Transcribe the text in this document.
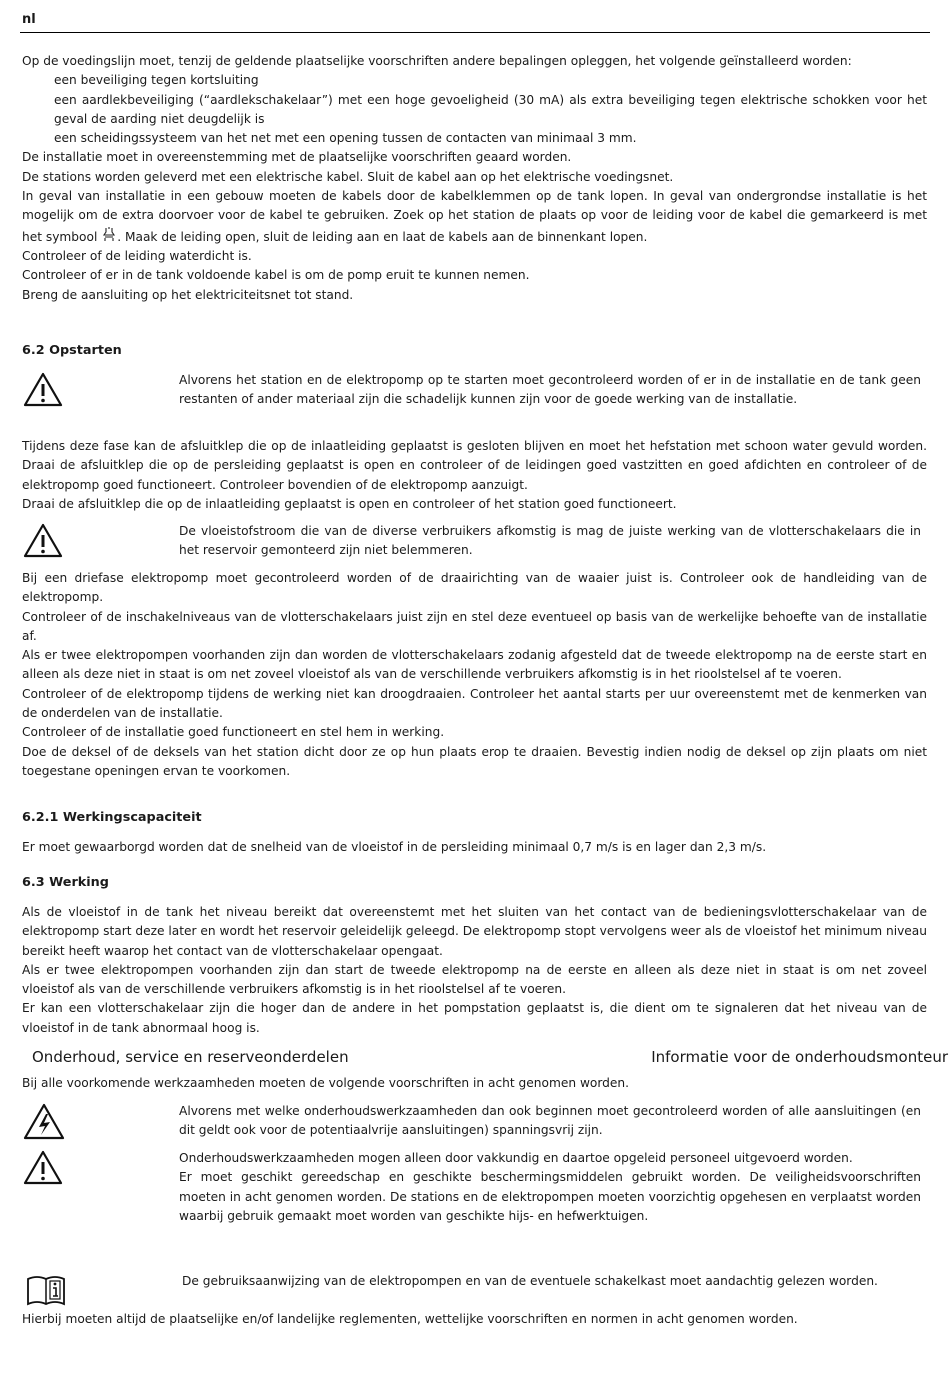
nl

Op de voedingslijn moet, tenzij de geldende plaatselijke voorschriften andere bepalingen opleggen, het volgende geïnstalleerd worden:

een beveiliging tegen kortsluiting

een aardlekbeveiliging (“aardlekschakelaar”) met een hoge gevoeligheid (30 mA) als extra beveiliging tegen elektrische schokken voor het geval de aarding niet deugdelijk is

een scheidingssysteem van het net met een opening tussen de contacten van minimaal 3 mm.

De installatie moet in overeenstemming met de plaatselijke voorschriften geaard worden.

De stations worden geleverd met een elektrische kabel. Sluit de kabel aan op het elektrische voedingsnet.

In geval van installatie in een gebouw moeten de kabels door de kabelklemmen op de tank lopen. In geval van ondergrondse installatie is het mogelijk om de extra doorvoer voor de kabel te gebruiken. Zoek op het station de plaats op voor de leiding voor de kabel die gemarkeerd is met het symbool . Maak de leiding open, sluit de leiding aan en laat de kabels aan de binnenkant lopen.

Controleer of de leiding waterdicht is.

Controleer of er in de tank voldoende kabel is om de pomp eruit te kunnen nemen.

Breng de aansluiting op het elektriciteitsnet tot stand.

6.2 Opstarten

Alvorens het station en de elektropomp op te starten moet gecontroleerd worden of er in de installatie en de tank geen restanten of ander materiaal zijn die schadelijk kunnen zijn voor de goede werking van de installatie.

Tijdens deze fase kan de afsluitklep die op de inlaatleiding geplaatst is gesloten blijven en moet het hefstation met schoon water gevuld worden. Draai de afsluitklep die op de persleiding geplaatst is open en controleer of de leidingen goed vastzitten en goed afdichten en controleer of de elektropomp goed functioneert. Controleer bovendien of de elektropomp aanzuigt.

Draai de afsluitklep die op de inlaatleiding geplaatst is open en controleer of het station goed functioneert.

De vloeistofstroom die van de diverse verbruikers afkomstig is mag de juiste werking van de vlotterschakelaars die in het reservoir gemonteerd zijn niet belemmeren.

Bij een driefase elektropomp moet gecontroleerd worden of de draairichting van de waaier juist is. Controleer ook de handleiding van de elektropomp.

Controleer of de inschakelniveaus van de vlotterschakelaars juist zijn en stel deze eventueel op basis van de werkelijke behoefte van de installatie af.

Als er twee elektropompen voorhanden zijn dan worden de vlotterschakelaars zodanig afgesteld dat de tweede elektropomp na de eerste start en alleen als deze niet in staat is om net zoveel vloeistof als van de verschillende verbruikers afkomstig is in het rioolstelsel af te voeren.

Controleer of de elektropomp tijdens de werking niet kan droogdraaien. Controleer het aantal starts per uur overeenstemt met de kenmerken van de onderdelen van de installatie.

Controleer of de installatie goed functioneert en stel hem in werking.

Doe de deksel of de deksels van het station dicht door ze op hun plaats erop te draaien. Bevestig indien nodig de deksel op zijn plaats om niet toegestane openingen ervan te voorkomen.

6.2.1 Werkingscapaciteit

Er moet gewaarborgd worden dat de snelheid van de vloeistof in de persleiding minimaal 0,7 m/s is en lager dan 2,3 m/s.

6.3 Werking

Als de vloeistof in de tank het niveau bereikt dat overeenstemt met het sluiten van het contact van de bedieningsvlotterschakelaar van de elektropomp start deze later en wordt het reservoir geleidelijk geleegd. De elektropomp stopt vervolgens weer als de vloeistof het minimum niveau bereikt heeft waarop het contact van de vlotterschakelaar opengaat.

Als er twee elektropompen voorhanden zijn dan start de tweede elektropomp na de eerste en alleen als deze niet in staat is om net zoveel vloeistof als van de verschillende verbruikers afkomstig is in het rioolstelsel af te voeren.

Er kan een vlotterschakelaar zijn die hoger dan de andere in het pompstation geplaatst is, die dient om te signaleren dat het niveau van de vloeistof in de tank abnormaal hoog is.

Onderhoud, service en reserveonderdelen	Informatie voor de onderhoudsmonteur

Bij alle voorkomende werkzaamheden moeten de volgende voorschriften in acht genomen worden.

Alvorens met welke onderhoudswerkzaamheden dan ook beginnen moet gecontroleerd worden of alle aansluitingen (en dit geldt ook voor de potentiaalvrije aansluitingen) spanningsvrij zijn.

Onderhoudswerkzaamheden mogen alleen door vakkundig en daartoe opgeleid personeel uitgevoerd worden.

Er moet geschikt gereedschap en geschikte beschermingsmiddelen gebruikt worden. De veiligheidsvoorschriften moeten in acht genomen worden. De stations en de elektropompen moeten voorzichtig opgehesen en verplaatst worden waarbij gebruik gemaakt moet worden van geschikte hijs- en hefwerktuigen.

De gebruiksaanwijzing van de elektropompen en van de eventuele schakelkast moet aandachtig gelezen worden.

Hierbij moeten altijd de plaatselijke en/of landelijke reglementen, wettelijke voorschriften en normen in acht genomen worden.
